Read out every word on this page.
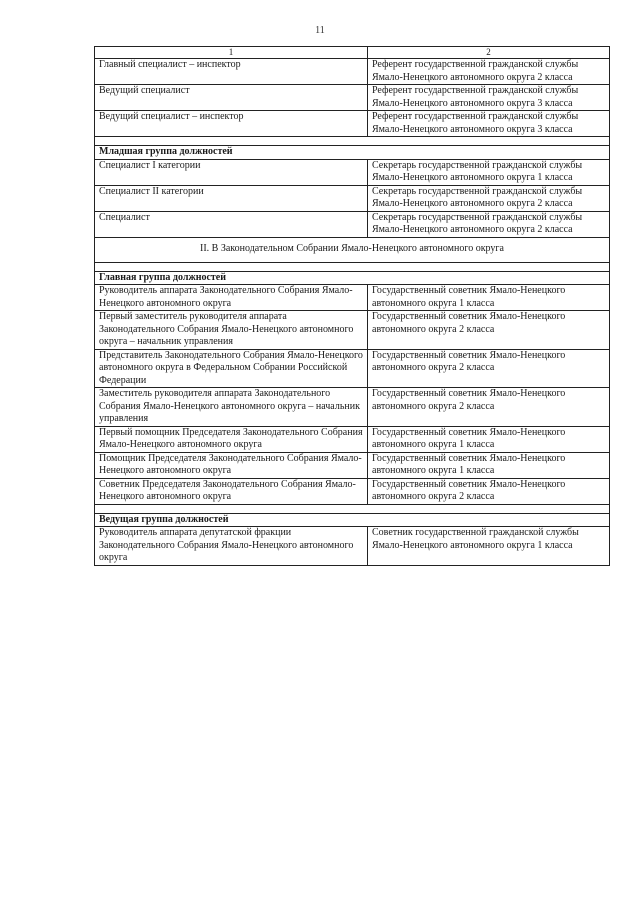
11
1	2
Главный специалист – инспектор	Референт государственной гражданской службы Ямало-Ненецкого автономного округа 2 класса
Ведущий специалист	Референт государственной гражданской службы Ямало-Ненецкого автономного округа 3 класса
Ведущий специалист – инспектор	Референт государственной гражданской службы Ямало-Ненецкого автономного округа 3 класса

Младшая группа должностей	
Специалист I категории	Секретарь государственной гражданской службы Ямало-Ненецкого автономного округа 1 класса
Специалист II категории	Секретарь государственной гражданской службы Ямало-Ненецкого автономного округа 2 класса
Специалист	Секретарь государственной гражданской службы Ямало-Ненецкого автономного округа 2 класса
II. В Законодательном Собрании Ямало-Ненецкого автономного округа	

Главная группа должностей	
Руководитель аппарата Законодательного Собрания Ямало-Ненецкого автономного округа	Государственный советник Ямало-Ненецкого автономного округа 1 класса
Первый заместитель руководителя аппарата Законодательного Собрания Ямало-Ненецкого автономного округа – начальник управления	Государственный советник Ямало-Ненецкого автономного округа 2 класса
Представитель Законодательного Собрания Ямало-Ненецкого автономного округа в Федеральном Собрании Российской Федерации	Государственный советник Ямало-Ненецкого автономного округа 2 класса
Заместитель руководителя аппарата Законодательного Собрания Ямало-Ненецкого автономного округа – начальник управления	Государственный советник Ямало-Ненецкого автономного округа 2 класса
Первый помощник Председателя Законодательного Собрания Ямало-Ненецкого автономного округа	Государственный советник Ямало-Ненецкого автономного округа 1 класса
Помощник Председателя Законодательного Собрания Ямало-Ненецкого автономного округа	Государственный советник Ямало-Ненецкого автономного округа 1 класса
Советник Председателя Законодательного Собрания Ямало-Ненецкого автономного округа	Государственный советник Ямало-Ненецкого автономного округа 2 класса

Ведущая группа должностей	
Руководитель аппарата депутатской фракции Законодательного Собрания Ямало-Ненецкого автономного округа	Советник государственной гражданской службы Ямало-Ненецкого автономного округа 1 класса
